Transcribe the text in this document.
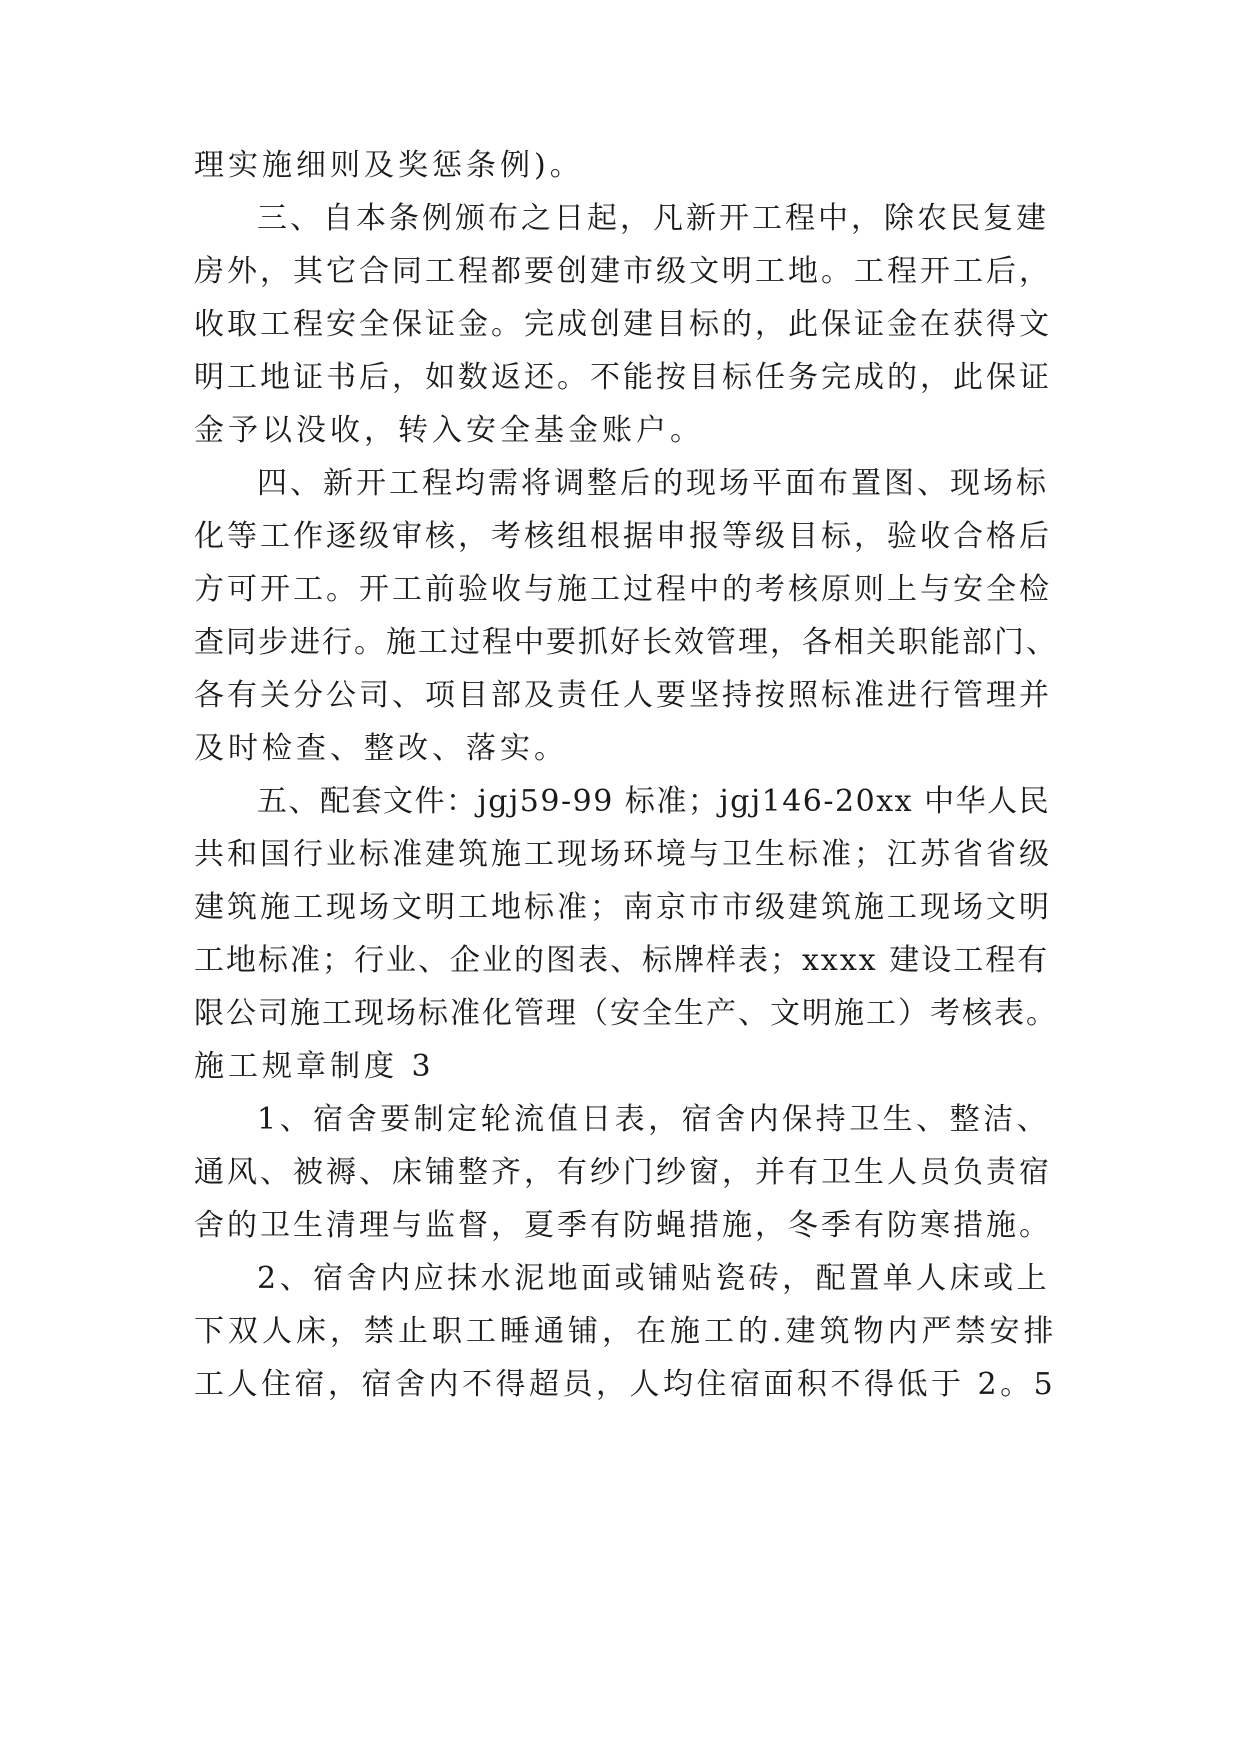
理实施细则及奖惩条例)。
三、自本条例颁布之日起，凡新开工程中，除农民复建
房外，其它合同工程都要创建市级文明工地。工程开工后，
收取工程安全保证金。完成创建目标的，此保证金在获得文
明工地证书后，如数返还。不能按目标任务完成的，此保证
金予以没收，转入安全基金账户。
四、新开工程均需将调整后的现场平面布置图、现场标
化等工作逐级审核，考核组根据申报等级目标，验收合格后
方可开工。开工前验收与施工过程中的考核原则上与安全检
查同步进行。施工过程中要抓好长效管理，各相关职能部门、
各有关分公司、项目部及责任人要坚持按照标准进行管理并
及时检查、整改、落实。
五、配套文件：jgj59-99 标准；jgj146-20xx 中华人民
共和国行业标准建筑施工现场环境与卫生标准；江苏省省级
建筑施工现场文明工地标准；南京市市级建筑施工现场文明
工地标准；行业、企业的图表、标牌样表；xxxx 建设工程有
限公司施工现场标准化管理（安全生产、文明施工）考核表。
施工规章制度 3
1、宿舍要制定轮流值日表，宿舍内保持卫生、整洁、
通风、被褥、床铺整齐，有纱门纱窗，并有卫生人员负责宿
舍的卫生清理与监督，夏季有防蝇措施，冬季有防寒措施。
2、宿舍内应抹水泥地面或铺贴瓷砖，配置单人床或上
下双人床，禁止职工睡通铺，在施工的.建筑物内严禁安排
工人住宿，宿舍内不得超员，人均住宿面积不得低于 2。5
